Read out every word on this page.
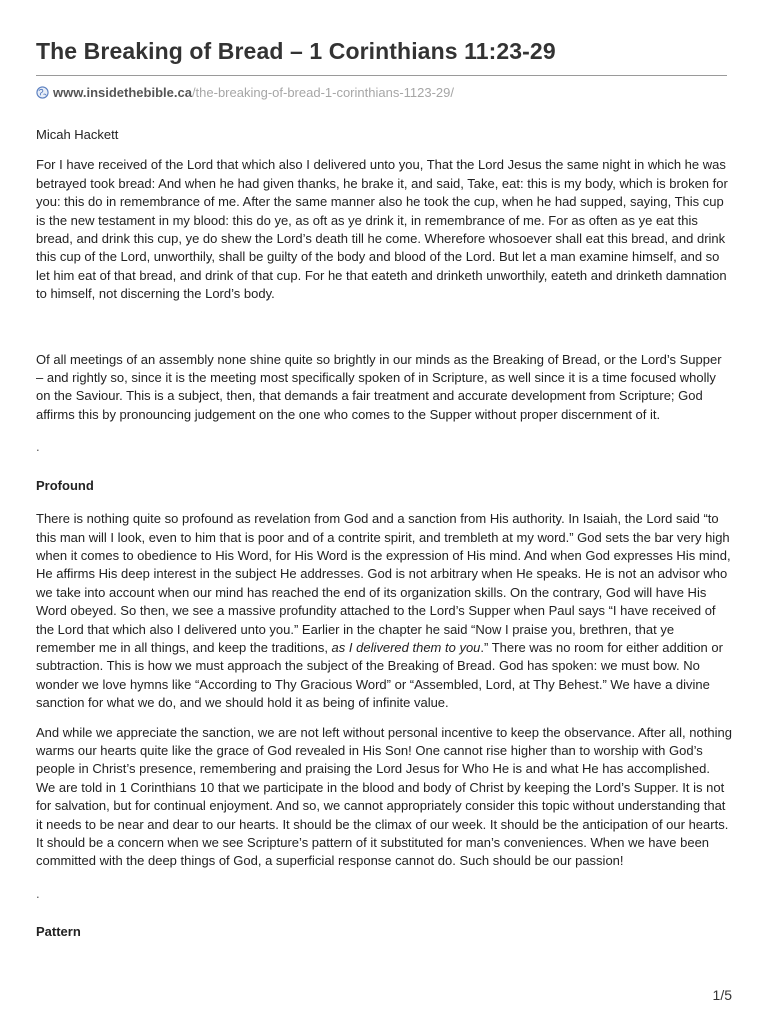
The Breaking of Bread – 1 Corinthians 11:23-29
www.insidethebible.ca/the-breaking-of-bread-1-corinthians-1123-29/

Micah Hackett

For I have received of the Lord that which also I delivered unto you, That the Lord Jesus the same night in which he was betrayed took bread: And when he had given thanks, he brake it, and said, Take, eat: this is my body, which is broken for you: this do in remembrance of me. After the same manner also he took the cup, when he had supped, saying, This cup is the new testament in my blood: this do ye, as oft as ye drink it, in remembrance of me. For as often as ye eat this bread, and drink this cup, ye do shew the Lord’s death till he come. Wherefore whosoever shall eat this bread, and drink this cup of the Lord, unworthily, shall be guilty of the body and blood of the Lord. But let a man examine himself, and so let him eat of that bread, and drink of that cup. For he that eateth and drinketh unworthily, eateth and drinketh damnation to himself, not discerning the Lord’s body.

Of all meetings of an assembly none shine quite so brightly in our minds as the Breaking of Bread, or the Lord’s Supper – and rightly so, since it is the meeting most specifically spoken of in Scripture, as well since it is a time focused wholly on the Saviour. This is a subject, then, that demands a fair treatment and accurate development from Scripture; God affirms this by pronouncing judgement on the one who comes to the Supper without proper discernment of it.

.

Profound

There is nothing quite so profound as revelation from God and a sanction from His authority. In Isaiah, the Lord said “to this man will I look, even to him that is poor and of a contrite spirit, and trembleth at my word.” God sets the bar very high when it comes to obedience to His Word, for His Word is the expression of His mind. And when God expresses His mind, He affirms His deep interest in the subject He addresses. God is not arbitrary when He speaks. He is not an advisor who we take into account when our mind has reached the end of its organization skills. On the contrary, God will have His Word obeyed. So then, we see a massive profundity attached to the Lord’s Supper when Paul says “I have received of the Lord that which also I delivered unto you.” Earlier in the chapter he said “Now I praise you, brethren, that ye remember me in all things, and keep the traditions, as I delivered them to you.” There was no room for either addition or subtraction. This is how we must approach the subject of the Breaking of Bread. God has spoken: we must bow. No wonder we love hymns like “According to Thy Gracious Word” or “Assembled, Lord, at Thy Behest.” We have a divine sanction for what we do, and we should hold it as being of infinite value.

And while we appreciate the sanction, we are not left without personal incentive to keep the observance. After all, nothing warms our hearts quite like the grace of God revealed in His Son! One cannot rise higher than to worship with God’s people in Christ’s presence, remembering and praising the Lord Jesus for Who He is and what He has accomplished. We are told in 1 Corinthians 10 that we participate in the blood and body of Christ by keeping the Lord’s Supper. It is not for salvation, but for continual enjoyment. And so, we cannot appropriately consider this topic without understanding that it needs to be near and dear to our hearts. It should be the climax of our week. It should be the anticipation of our hearts. It should be a concern when we see Scripture’s pattern of it substituted for man’s conveniences. When we have been committed with the deep things of God, a superficial response cannot do. Such should be our passion!

.

Pattern
1/5
